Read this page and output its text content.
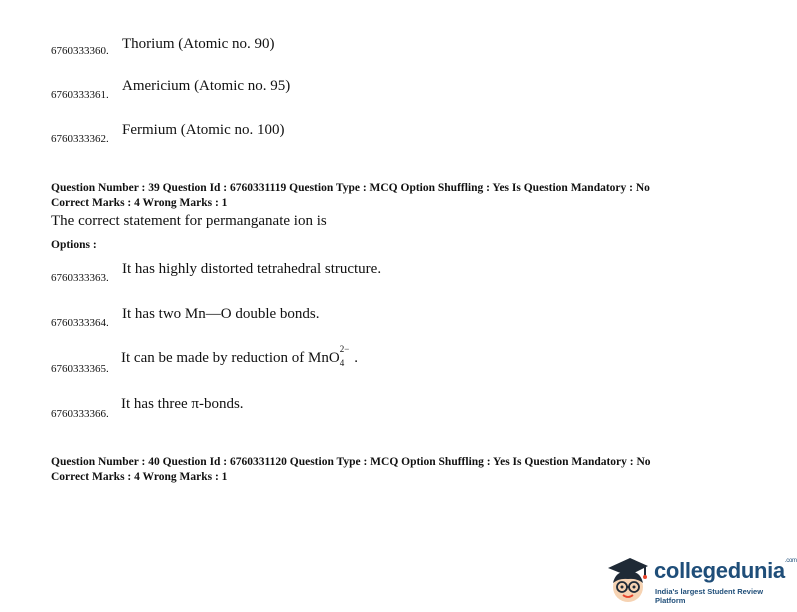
6760333360. Thorium (Atomic no. 90)
6760333361.
Americium (Atomic no. 95)
6760333362.
Fermium (Atomic no. 100)
Question Number : 39 Question Id : 6760331119 Question Type : MCQ Option Shuffling : Yes Is Question Mandatory : No
Correct Marks : 4 Wrong Marks : 1
The correct statement for permanganate ion is
Options :
6760333363.
It has highly distorted tetrahedral structure.
6760333364.
It has two Mn—O double bonds.
6760333365.
It can be made by reduction of MnO$_4$
2−
.
6760333366.
It has three π-bonds.
Question Number : 40 Question Id : 6760331120 Question Type : MCQ Option Shuffling : Yes Is Question Mandatory : No
Correct Marks : 4 Wrong Marks : 1
collegedunia$^{.com}$
India's largest Student Review Platform
